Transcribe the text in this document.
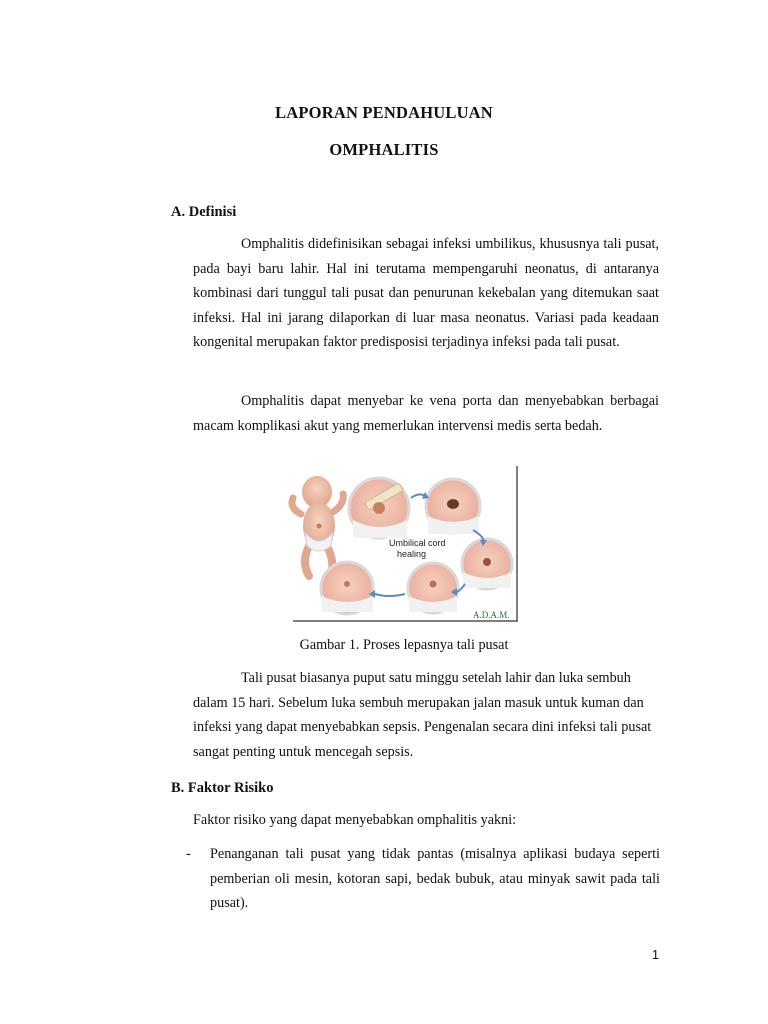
LAPORAN PENDAHULUAN
OMPHALITIS
A. Definisi

Omphalitis didefinisikan sebagai infeksi umbilikus, khususnya tali pusat, pada bayi baru lahir. Hal ini terutama mempengaruhi neonatus, di antaranya kombinasi dari tunggul tali pusat dan penurunan kekebalan yang ditemukan saat infeksi. Hal ini jarang dilaporkan di luar masa neonatus. Variasi pada keadaan kongenital merupakan faktor predisposisi terjadinya infeksi pada tali pusat.

Omphalitis dapat menyebar ke vena porta dan menyebabkan berbagai macam komplikasi akut yang memerlukan intervensi medis serta bedah.

Umbilical cord
healing
A.D.A.M.
Gambar 1. Proses lepasnya tali pusat

Tali pusat biasanya puput satu minggu setelah lahir dan luka sembuh dalam 15 hari. Sebelum luka sembuh merupakan jalan masuk untuk kuman dan infeksi yang dapat menyebabkan sepsis. Pengenalan secara dini infeksi tali pusat sangat penting untuk mencegah sepsis.

B. Faktor Risiko
Faktor risiko yang dapat menyebabkan omphalitis yakni:
- Penanganan tali pusat yang tidak pantas (misalnya aplikasi budaya seperti pemberian oli mesin, kotoran sapi, bedak bubuk, atau minyak sawit pada tali pusat).
1
